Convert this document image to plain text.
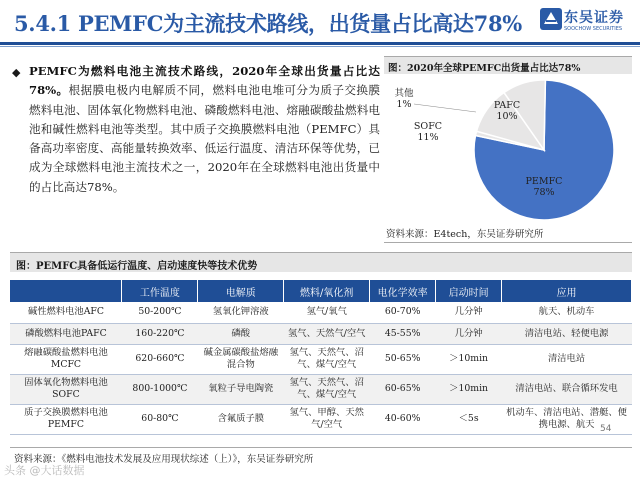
5.4.1 PEMFC为主流技术路线，出货量占比高达78%	东吴证券
SOOCHOW SECURITIES
◆ PEMFC为燃料电池主流技术路线，2020年全球出货量占比达78%。根据膜电极内电解质不同，燃料电池电堆可分为质子交换膜燃料电池、固体氧化物燃料电池、磷酸燃料电池、熔融碳酸盐燃料电池和碱性燃料电池等类型。其中质子交换膜燃料电池（PEMFC）具备高功率密度、高能量转换效率、低运行温度、清洁环保等优势，已成为全球燃料电池主流技术之一，2020年在全球燃料电池出货量中的占比高达78%。

图：2020年全球PEMFC出货量占比达78%
PEMFC
78%
其他
1%
SOFC
11%
PAFC
10%
资料来源：E4tech，东吴证券研究所
图：PEMFC具备低运行温度、启动速度快等技术优势
	工作温度	电解质	燃料/氧化剂	电化学效率	启动时间	应用
碱性燃料电池AFC	50-200℃	氢氧化钾溶液	氢气/氧气	60-70%	几分钟	航天、机动车
磷酸燃料电池PAFC	160-220℃	磷酸	氢气、天然气/空气	45-55%	几分钟	清洁电站、轻便电源
熔融碳酸盐燃料电池MCFC	620-660℃	碱金属碳酸盐熔融混合物	氢气、天然气、沼气、煤气/空气	50-65%	＞10min	清洁电站
固体氧化物燃料电池SOFC	800-1000℃	氧粒子导电陶瓷	氢气、天然气、沼气、煤气/空气	60-65%	＞10min	清洁电站、联合循环发电
质子交换膜燃料电池PEMFC	60-80℃	含氟质子膜	氢气、甲醇、天然气/空气	40-60%	＜5s	机动车、清洁电站、潜艇、便携电源、航天 54
资料来源：《燃料电池技术发展及应用现状综述（上）》，东吴证券研究所
头条 @大话数据
